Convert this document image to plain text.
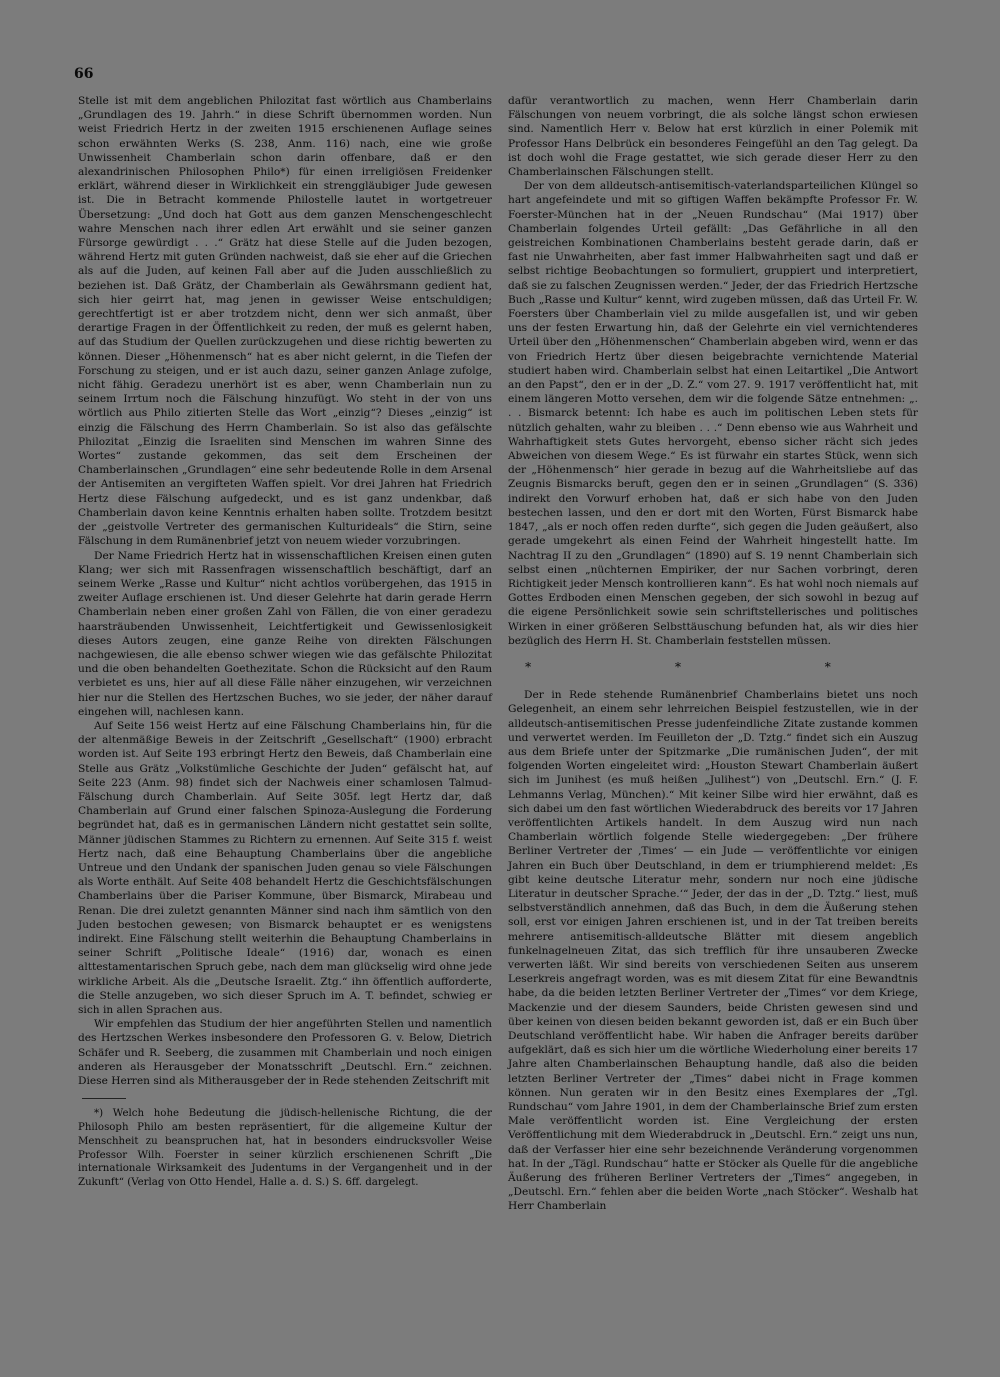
66

Stelle ist mit dem angeblichen Philozitat fast wörtlich aus Chamberlains „Grundlagen des 19. Jahrh.“ in diese Schrift übernommen worden. Nun weist Friedrich Hertz in der zweiten 1915 erschienenen Auflage seines schon erwähnten Werks (S. 238, Anm. 116) nach, eine wie große Unwissenheit Chamberlain schon darin offenbare, daß er den alexandrinischen Philosophen Philo*) für einen irreligiösen Freidenker erklärt, während dieser in Wirklichkeit ein strenggläubiger Jude gewesen ist. Die in Betracht kommende Philostelle lautet in wortgetreuer Übersetzung: „Und doch hat Gott aus dem ganzen Menschengeschlecht wahre Menschen nach ihrer edlen Art erwählt und sie seiner ganzen Fürsorge gewürdigt . . .“ Grätz hat diese Stelle auf die Juden bezogen, während Hertz mit guten Gründen nachweist, daß sie eher auf die Griechen als auf die Juden, auf keinen Fall aber auf die Juden ausschließlich zu beziehen ist. Daß Grätz, der Chamberlain als Gewährsmann gedient hat, sich hier geirrt hat, mag jenen in gewisser Weise entschuldigen; gerechtfertigt ist er aber trotzdem nicht, denn wer sich anmaßt, über derartige Fragen in der Öffentlichkeit zu reden, der muß es gelernt haben, auf das Studium der Quellen zurückzugehen und diese richtig bewerten zu können. Dieser „Höhenmensch“ hat es aber nicht gelernt, in die Tiefen der Forschung zu steigen, und er ist auch dazu, seiner ganzen Anlage zufolge, nicht fähig. Geradezu unerhört ist es aber, wenn Chamberlain nun zu seinem Irrtum noch die Fälschung hinzufügt. Wo steht in der von uns wörtlich aus Philo zitierten Stelle das Wort „einzig“? Dieses „einzig“ ist einzig die Fälschung des Herrn Chamberlain. So ist also das gefälschte Philozitat „Einzig die Israeliten sind Menschen im wahren Sinne des Wortes“ zustande gekommen, das seit dem Erscheinen der Chamberlainschen „Grundlagen“ eine sehr bedeutende Rolle in dem Arsenal der Antisemiten an vergifteten Waffen spielt. Vor drei Jahren hat Friedrich Hertz diese Fälschung aufgedeckt, und es ist ganz undenkbar, daß Chamberlain davon keine Kenntnis erhalten haben sollte. Trotzdem besitzt der „geistvolle Vertreter des germanischen Kulturideals“ die Stirn, seine Fälschung in dem Rumänenbrief jetzt von neuem wieder vorzubringen.

Der Name Friedrich Hertz hat in wissenschaftlichen Kreisen einen guten Klang; wer sich mit Rassenfragen wissenschaftlich beschäftigt, darf an seinem Werke „Rasse und Kultur“ nicht achtlos vorübergehen, das 1915 in zweiter Auflage erschienen ist. Und dieser Gelehrte hat darin gerade Herrn Chamberlain neben einer großen Zahl von Fällen, die von einer geradezu haarsträubenden Unwissenheit, Leichtfertigkeit und Gewissenlosigkeit dieses Autors zeugen, eine ganze Reihe von direkten Fälschungen nachgewiesen, die alle ebenso schwer wiegen wie das gefälschte Philozitat und die oben behandelten Goethezitate. Schon die Rücksicht auf den Raum verbietet es uns, hier auf all diese Fälle näher einzugehen, wir verzeichnen hier nur die Stellen des Hertzschen Buches, wo sie jeder, der näher darauf eingehen will, nachlesen kann.

Auf Seite 156 weist Hertz auf eine Fälschung Chamberlains hin, für die der altenmäßige Beweis in der Zeitschrift „Gesellschaft“ (1900) erbracht worden ist. Auf Seite 193 erbringt Hertz den Beweis, daß Chamberlain eine Stelle aus Grätz „Volkstümliche Geschichte der Juden“ gefälscht hat, auf Seite 223 (Anm. 98) findet sich der Nachweis einer schamlosen Talmud-Fälschung durch Chamberlain. Auf Seite 305f. legt Hertz dar, daß Chamberlain auf Grund einer falschen Spinoza-Auslegung die Forderung begründet hat, daß es in germanischen Ländern nicht gestattet sein sollte, Männer jüdischen Stammes zu Richtern zu ernennen. Auf Seite 315 f. weist Hertz nach, daß eine Behauptung Chamberlains über die angebliche Untreue und den Undank der spanischen Juden genau so viele Fälschungen als Worte enthält. Auf Seite 408 behandelt Hertz die Geschichtsfälschungen Chamberlains über die Pariser Kommune, über Bismarck, Mirabeau und Renan. Die drei zuletzt genannten Männer sind nach ihm sämtlich von den Juden bestochen gewesen; von Bismarck behauptet er es wenigstens indirekt. Eine Fälschung stellt weiterhin die Behauptung Chamberlains in seiner Schrift „Politische Ideale“ (1916) dar, wonach es einen alttestamentarischen Spruch gebe, nach dem man glückselig wird ohne jede wirkliche Arbeit. Als die „Deutsche Israelit. Ztg.“ ihn öffentlich aufforderte, die Stelle anzugeben, wo sich dieser Spruch im A. T. befindet, schwieg er sich in allen Sprachen aus.

Wir empfehlen das Studium der hier angeführten Stellen und namentlich des Hertzschen Werkes insbesondere den Professoren G. v. Below, Dietrich Schäfer und R. Seeberg, die zusammen mit Chamberlain und noch einigen anderen als Herausgeber der Monatsschrift „Deutschl. Ern.“ zeichnen. Diese Herren sind als Mitherausgeber der in Rede stehenden Zeitschrift mit

*) Welch hohe Bedeutung die jüdisch-hellenische Richtung, die der Philosoph Philo am besten repräsentiert, für die allgemeine Kultur der Menschheit zu beanspruchen hat, hat in besonders eindrucksvoller Weise Professor Wilh. Foerster in seiner kürzlich erschienenen Schrift „Die internationale Wirksamkeit des Judentums in der Vergangenheit und in der Zukunft“ (Verlag von Otto Hendel, Halle a. d. S.) S. 6ff. dargelegt.

dafür verantwortlich zu machen, wenn Herr Chamberlain darin Fälschungen von neuem vorbringt, die als solche längst schon erwiesen sind. Namentlich Herr v. Below hat erst kürzlich in einer Polemik mit Professor Hans Delbrück ein besonderes Feingefühl an den Tag gelegt. Da ist doch wohl die Frage gestattet, wie sich gerade dieser Herr zu den Chamberlainschen Fälschungen stellt.

Der von dem alldeutsch-antisemitisch-vaterlandsparteilichen Klüngel so hart angefeindete und mit so giftigen Waffen bekämpfte Professor Fr. W. Foerster-München hat in der „Neuen Rundschau“ (Mai 1917) über Chamberlain folgendes Urteil gefällt: „Das Gefährliche in all den geistreichen Kombinationen Chamberlains besteht gerade darin, daß er fast nie Unwahrheiten, aber fast immer Halbwahrheiten sagt und daß er selbst richtige Beobachtungen so formuliert, gruppiert und interpretiert, daß sie zu falschen Zeugnissen werden.“ Jeder, der das Friedrich Hertzsche Buch „Rasse und Kultur“ kennt, wird zugeben müssen, daß das Urteil Fr. W. Foersters über Chamberlain viel zu milde ausgefallen ist, und wir geben uns der festen Erwartung hin, daß der Gelehrte ein viel vernichtenderes Urteil über den „Höhenmenschen“ Chamberlain abgeben wird, wenn er das von Friedrich Hertz über diesen beigebrachte vernichtende Material studiert haben wird. Chamberlain selbst hat einen Leitartikel „Die Antwort an den Papst“, den er in der „D. Z.“ vom 27. 9. 1917 veröffentlicht hat, mit einem längeren Motto versehen, dem wir die folgende Sätze entnehmen: „. . . Bismarck betennt: Ich habe es auch im politischen Leben stets für nützlich gehalten, wahr zu bleiben . . .“ Denn ebenso wie aus Wahrheit und Wahrhaftigkeit stets Gutes hervorgeht, ebenso sicher rächt sich jedes Abweichen von diesem Wege.“ Es ist fürwahr ein startes Stück, wenn sich der „Höhenmensch“ hier gerade in bezug auf die Wahrheitsliebe auf das Zeugnis Bismarcks beruft, gegen den er in seinen „Grundlagen“ (S. 336) indirekt den Vorwurf erhoben hat, daß er sich habe von den Juden bestechen lassen, und den er dort mit den Worten, Fürst Bismarck habe 1847, „als er noch offen reden durfte“, sich gegen die Juden geäußert, also gerade umgekehrt als einen Feind der Wahrheit hingestellt hatte. Im Nachtrag II zu den „Grundlagen“ (1890) auf S. 19 nennt Chamberlain sich selbst einen „nüchternen Empiriker, der nur Sachen vorbringt, deren Richtigkeit jeder Mensch kontrollieren kann“. Es hat wohl noch niemals auf Gottes Erdboden einen Menschen gegeben, der sich sowohl in bezug auf die eigene Persönlichkeit sowie sein schriftstellerisches und politisches Wirken in einer größeren Selbsttäuschung befunden hat, als wir dies hier bezüglich des Herrn H. St. Chamberlain feststellen müssen.

* * *

Der in Rede stehende Rumänenbrief Chamberlains bietet uns noch Gelegenheit, an einem sehr lehrreichen Beispiel festzustellen, wie in der alldeutsch-antisemitischen Presse judenfeindliche Zitate zustande kommen und verwertet werden. Im Feuilleton der „D. Tztg.“ findet sich ein Auszug aus dem Briefe unter der Spitzmarke „Die rumänischen Juden“, der mit folgenden Worten eingeleitet wird: „Houston Stewart Chamberlain äußert sich im Junihest (es muß heißen „Julihest“) von „Deutschl. Ern.“ (J. F. Lehmanns Verlag, München).“ Mit keiner Silbe wird hier erwähnt, daß es sich dabei um den fast wörtlichen Wiederabdruck des bereits vor 17 Jahren veröffentlichten Artikels handelt. In dem Auszug wird nun nach Chamberlain wörtlich folgende Stelle wiedergegeben: „Der frühere Berliner Vertreter der ‚Times‘ — ein Jude — veröffentlichte vor einigen Jahren ein Buch über Deutschland, in dem er triumphierend meldet: ‚Es gibt keine deutsche Literatur mehr, sondern nur noch eine jüdische Literatur in deutscher Sprache.‘“ Jeder, der das in der „D. Tztg.“ liest, muß selbstverständlich annehmen, daß das Buch, in dem die Äußerung stehen soll, erst vor einigen Jahren erschienen ist, und in der Tat treiben bereits mehrere antisemitisch-alldeutsche Blätter mit diesem angeblich funkelnagelneuen Zitat, das sich trefflich für ihre unsauberen Zwecke verwerten läßt. Wir sind bereits von verschiedenen Seiten aus unserem Leserkreis angefragt worden, was es mit diesem Zitat für eine Bewandtnis habe, da die beiden letzten Berliner Vertreter der „Times“ vor dem Kriege, Mackenzie und der diesem Saunders, beide Christen gewesen sind und über keinen von diesen beiden bekannt geworden ist, daß er ein Buch über Deutschland veröffentlicht habe. Wir haben die Anfrager bereits darüber aufgeklärt, daß es sich hier um die wörtliche Wiederholung einer bereits 17 Jahre alten Chamberlainschen Behauptung handle, daß also die beiden letzten Berliner Vertreter der „Times“ dabei nicht in Frage kommen können. Nun geraten wir in den Besitz eines Exemplares der „Tgl. Rundschau“ vom Jahre 1901, in dem der Chamberlainsche Brief zum ersten Male veröffentlicht worden ist. Eine Vergleichung der ersten Veröffentlichung mit dem Wiederabdruck in „Deutschl. Ern.“ zeigt uns nun, daß der Verfasser hier eine sehr bezeichnende Veränderung vorgenommen hat. In der „Tägl. Rundschau“ hatte er Stöcker als Quelle für die angebliche Äußerung des früheren Berliner Vertreters der „Times“ angegeben, in „Deutschl. Ern.“ fehlen aber die beiden Worte „nach Stöcker“. Weshalb hat Herr Chamberlain
